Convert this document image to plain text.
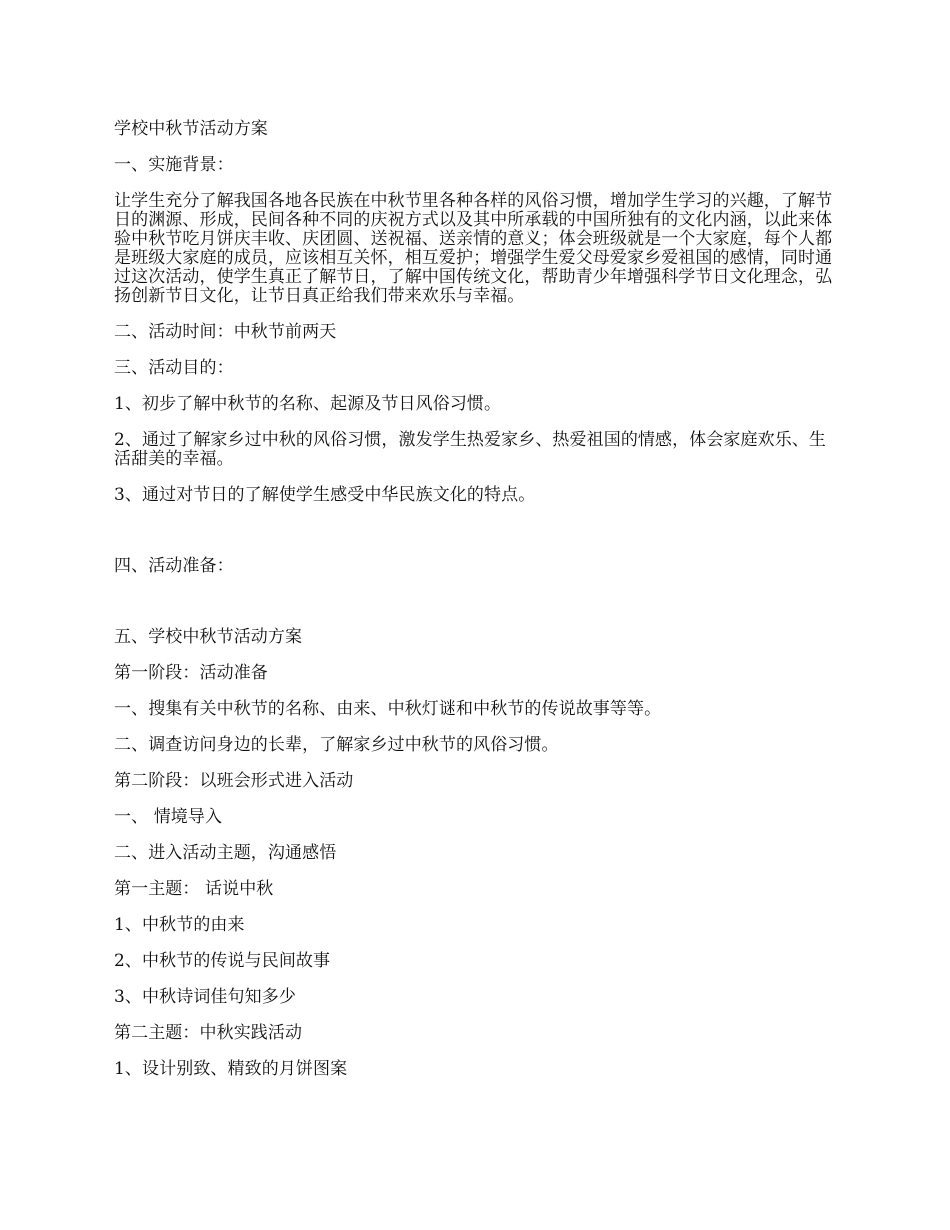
学校中秋节活动方案

一、实施背景：

让学生充分了解我国各地各民族在中秋节里各种各样的风俗习惯，增加学生学习的兴趣，了解节日的渊源、形成，民间各种不同的庆祝方式以及其中所承载的中国所独有的文化内涵，以此来体验中秋节吃月饼庆丰收、庆团圆、送祝福、送亲情的意义；体会班级就是一个大家庭，每个人都是班级大家庭的成员，应该相互关怀，相互爱护；增强学生爱父母爱家乡爱祖国的感情，同时通过这次活动，使学生真正了解节日，了解中国传统文化，帮助青少年增强科学节日文化理念，弘扬创新节日文化，让节日真正给我们带来欢乐与幸福。

二、活动时间：中秋节前两天

三、活动目的：

1、初步了解中秋节的名称、起源及节日风俗习惯。

2、通过了解家乡过中秋的风俗习惯，激发学生热爱家乡、热爱祖国的情感，体会家庭欢乐、生活甜美的幸福。

3、通过对节日的了解使学生感受中华民族文化的特点。

四、活动准备：

五、学校中秋节活动方案

第一阶段：活动准备

一、搜集有关中秋节的名称、由来、中秋灯谜和中秋节的传说故事等等。

二、调查访问身边的长辈，了解家乡过中秋节的风俗习惯。

第二阶段：以班会形式进入活动

一、 情境导入

二、进入活动主题，沟通感悟

第一主题： 话说中秋

1、中秋节的由来

2、中秋节的传说与民间故事

3、中秋诗词佳句知多少

第二主题：中秋实践活动

1、设计别致、精致的月饼图案
